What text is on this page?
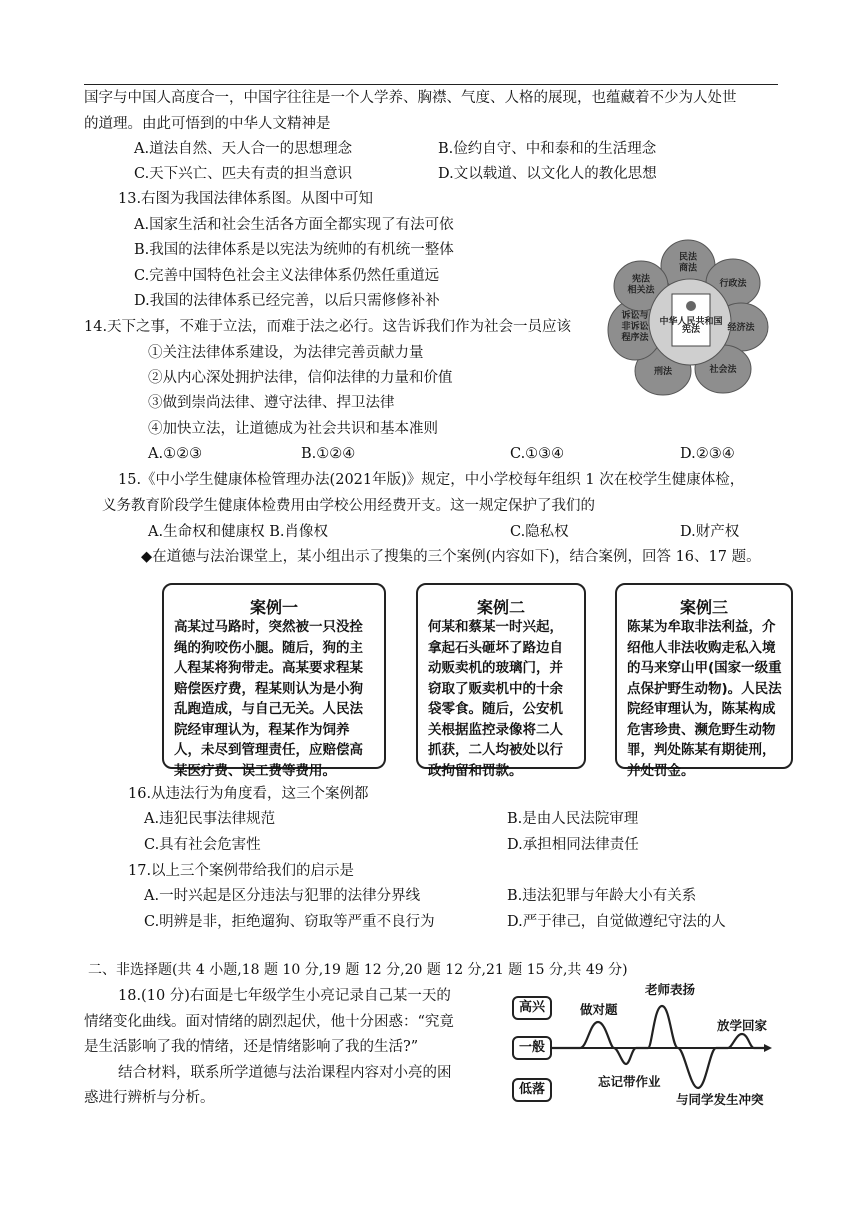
国字与中国人高度合一，中国字往往是一个人学养、胸襟、气度、人格的展现，也蕴藏着不少为人处世
的道理。由此可悟到的中华人文精神是
A.道法自然、天人合一的思想理念	B.俭约自守、中和泰和的生活理念
C.天下兴亡、匹夫有责的担当意识	D.文以载道、以文化人的教化思想
13.右图为我国法律体系图。从图中可知
A.国家生活和社会生活各方面全都实现了有法可依
B.我国的法律体系是以宪法为统帅的有机统一整体
C.完善中国特色社会主义法律体系仍然任重道远
D.我国的法律体系已经完善，以后只需修修补补
中华人民共和国
宪法
民法商法
行政法
经济法
社会法
刑法
诉讼与非诉讼程序法
宪法相关法
14.天下之事，不难于立法，而难于法之必行。这告诉我们作为社会一员应该
①关注法律体系建设，为法律完善贡献力量
②从内心深处拥护法律，信仰法律的力量和价值
③做到崇尚法律、遵守法律、捍卫法律
④加快立法，让道德成为社会共识和基本准则
A.①②③	B.①②④	C.①③④	D.②③④
15.《中小学生健康体检管理办法(2021年版)》规定，中小学校每年组织 1 次在校学生健康体检，
义务教育阶段学生健康体检费用由学校公用经费开支。这一规定保护了我们的
A.生命权和健康权 B.肖像权	C.隐私权	D.财产权
◆在道德与法治课堂上，某小组出示了搜集的三个案例(内容如下)，结合案例，回答 16、17 题。
案例一
高某过马路时，突然被一只没拴绳的狗咬伤小腿。随后，狗的主人程某将狗带走。高某要求程某赔偿医疗费，程某则认为是小狗乱跑造成，与自己无关。人民法院经审理认为，程某作为饲养人，未尽到管理责任，应赔偿高某医疗费、误工费等费用。
案例二
何某和蔡某一时兴起，拿起石头砸坏了路边自动贩卖机的玻璃门，并窃取了贩卖机中的十余袋零食。随后，公安机关根据监控录像将二人抓获，二人均被处以行政拘留和罚款。
案例三
陈某为牟取非法利益，介绍他人非法收购走私入境的马来穿山甲(国家一级重点保护野生动物)。人民法院经审理认为，陈某构成危害珍贵、濒危野生动物罪，判处陈某有期徒刑，并处罚金。
16.从违法行为角度看，这三个案例都
A.违犯民事法律规范	B.是由人民法院审理
C.具有社会危害性	D.承担相同法律责任
17.以上三个案例带给我们的启示是
A.一时兴起是区分违法与犯罪的法律分界线	B.违法犯罪与年龄大小有关系
C.明辨是非，拒绝遛狗、窃取等严重不良行为	D.严于律己，自觉做遵纪守法的人
二、非选择题(共 4 小题,18 题 10 分,19 题 12 分,20 题 12 分,21 题 15 分,共 49 分)
18.(10 分)右面是七年级学生小亮记录自己某一天的
情绪变化曲线。面对情绪的剧烈起伏，他十分困惑：“究竟
是生活影响了我的情绪，还是情绪影响了我的生活?”
结合材料，联系所学道德与法治课程内容对小亮的困
惑进行辨析与分析。
高兴
一般
低落
做对题
老师表扬
放学回家
忘记带作业
与同学发生冲突
